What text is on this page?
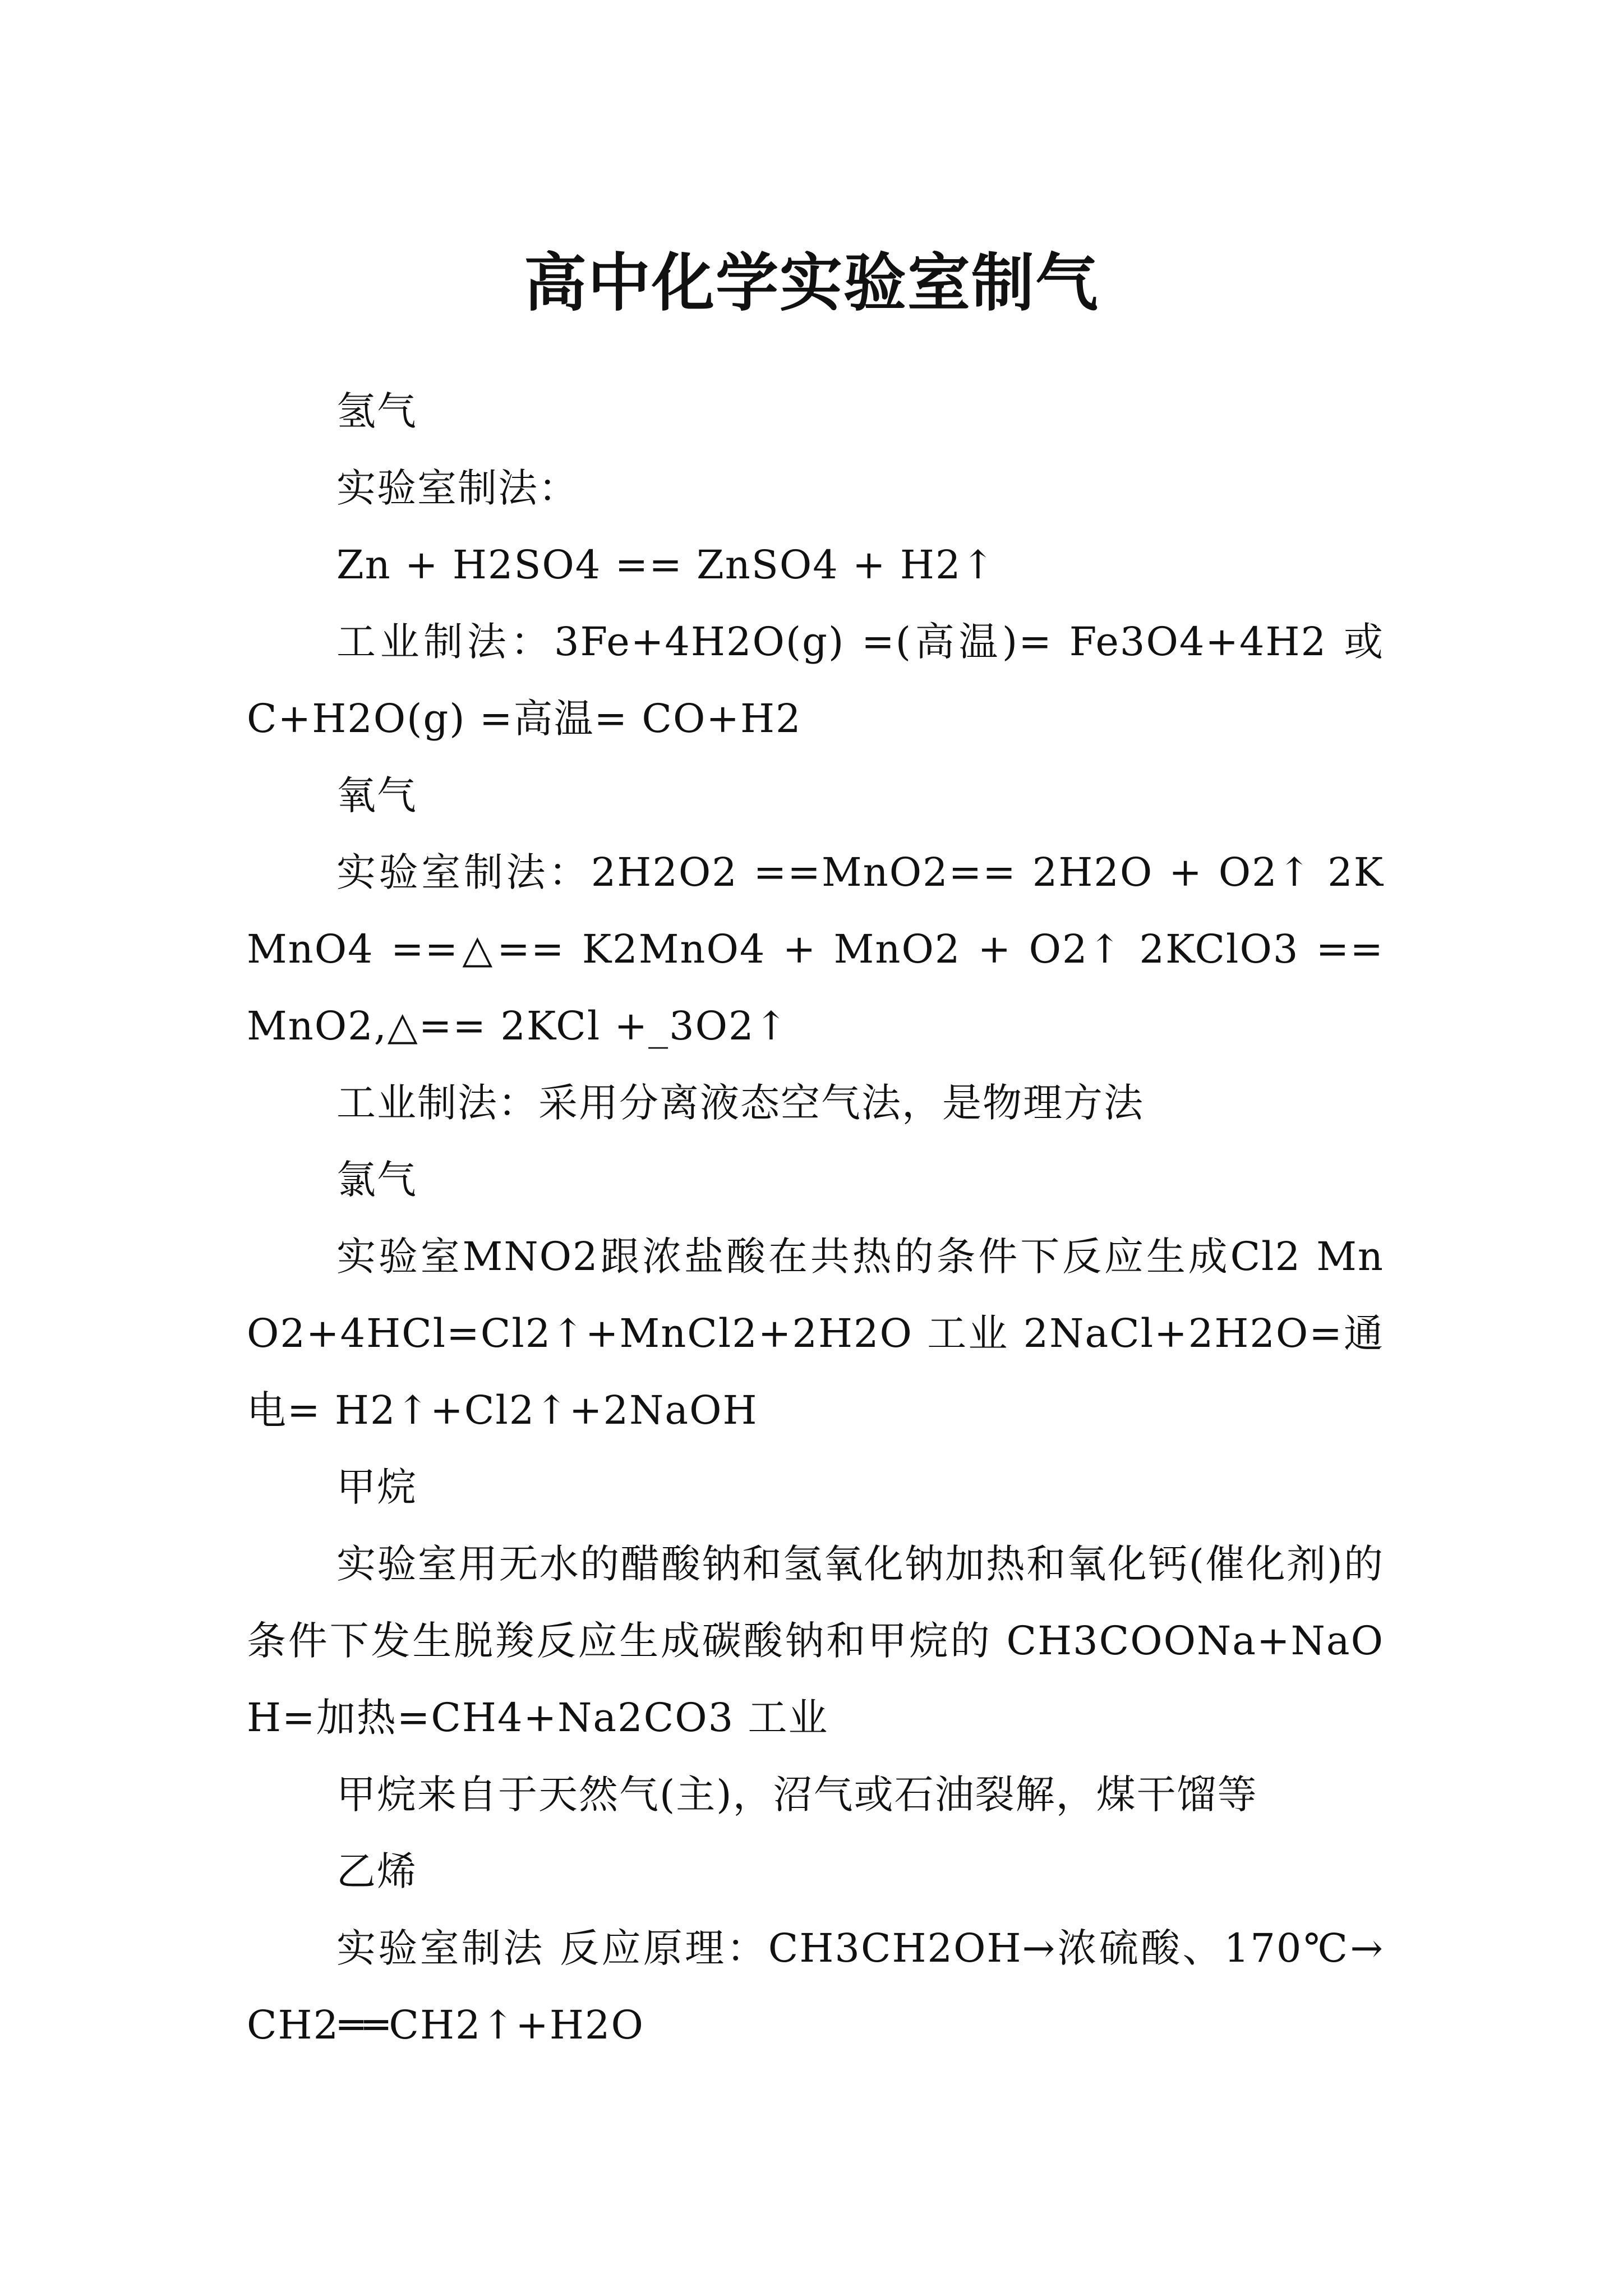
高中化学实验室制气

氢气

实验室制法：

Zn + H2SO4 == ZnSO4 + H2↑

工业制法：3Fe+4H2O(g) =(高温)= Fe3O4+4H2 或 C+H2O(g) =高温= CO+H2

氧气

实验室制法：2H2O2 ==MnO2== 2H2O + O2↑ 2KMnO4 ==△== K2MnO4 + MnO2 + O2↑ 2KClO3 ==MnO2,△== 2KCl +_3O2↑

工业制法：采用分离液态空气法，是物理方法

氯气

实验室MNO2跟浓盐酸在共热的条件下反应生成Cl2 MnO2+4HCl=Cl2↑+MnCl2+2H2O 工业 2NaCl+2H2O=通电= H2↑+Cl2↑+2NaOH

甲烷

实验室用无水的醋酸钠和氢氧化钠加热和氧化钙(催化剂)的条件下发生脱羧反应生成碳酸钠和甲烷的 CH3COONa+NaOH=加热=CH4+Na2CO3 工业

甲烷来自于天然气(主)，沼气或石油裂解，煤干馏等

乙烯

实验室制法 反应原理：CH3CH2OH→浓硫酸、170℃→CH2══CH2↑+H2O
